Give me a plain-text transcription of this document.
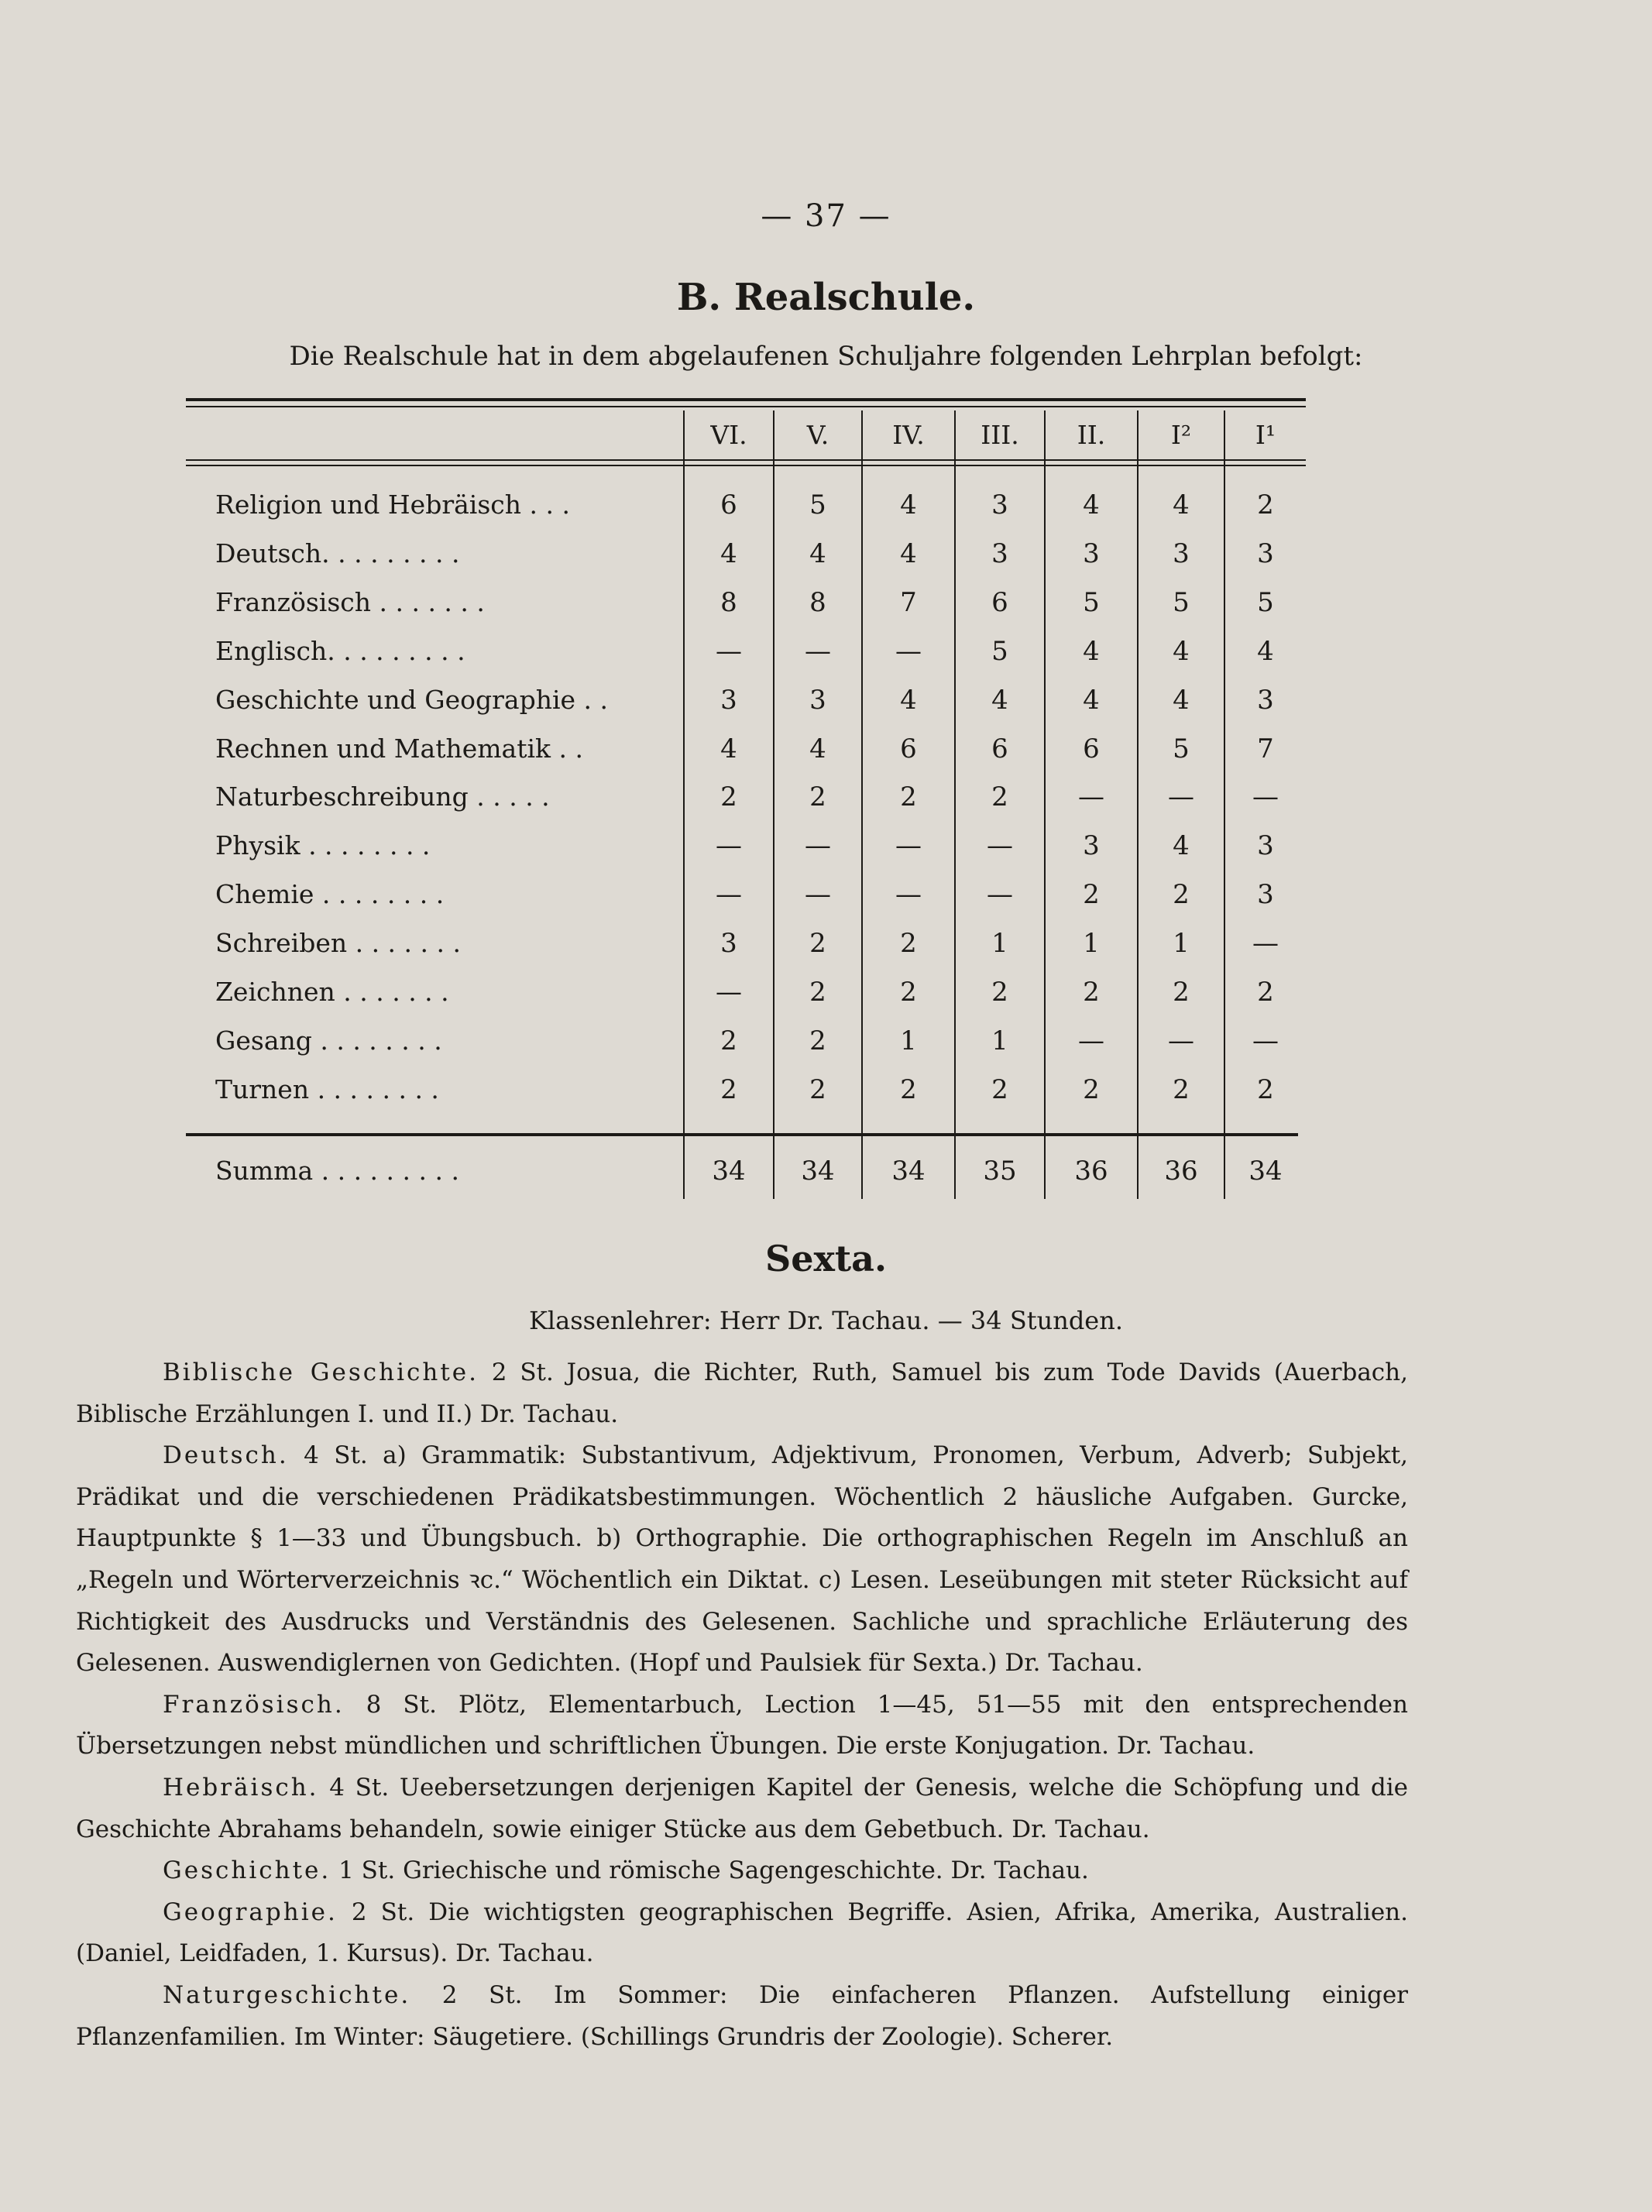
— 37 —
B. Realschule.
Die Realschule hat in dem abgelaufenen Schuljahre folgenden Lehrplan befolgt:
VI.	V.	IV.	III.	II.	I²	I¹
Religion und Hebräisch . . .	6	5	4	3	4	4	2
Deutsch. . . . . . . . .	4	4	4	3	3	3	3
Französisch . . . . . . .	8	8	7	6	5	5	5
Englisch. . . . . . . . .	—	—	—	5	4	4	4
Geschichte und Geographie . .	3	3	4	4	4	4	3
Rechnen und Mathematik . .	4	4	6	6	6	5	7
Naturbeschreibung . . . . .	2	2	2	2	—	—	—
Physik . . . . . . . .	—	—	—	—	3	4	3
Chemie . . . . . . . .	—	—	—	—	2	2	3
Schreiben . . . . . . .	3	2	2	1	1	1	—
Zeichnen . . . . . . .	—	2	2	2	2	2	2
Gesang . . . . . . . .	2	2	1	1	—	—	—
Turnen . . . . . . . .	2	2	2	2	2	2	2
Summa . . . . . . . . .	34	34	34	35	36	36	34
Sexta.
Klassenlehrer: Herr Dr. Tachau. — 34 Stunden.

Biblische Geschichte. 2 St. Josua, die Richter, Ruth, Samuel bis zum Tode Davids (Auerbach, Biblische Erzählungen I. und II.) Dr. Tachau.

Deutsch. 4 St. a) Grammatik: Substantivum, Adjektivum, Pronomen, Verbum, Adverb; Subjekt, Prädikat und die verschiedenen Prädikatsbestimmungen. Wöchentlich 2 häusliche Aufgaben. Gurcke, Hauptpunkte § 1—33 und Übungsbuch. b) Orthographie. Die orthographischen Regeln im Anschluß an „Regeln und Wörterverzeichnis ꝛc.“ Wöchentlich ein Diktat. c) Lesen. Leseübungen mit steter Rücksicht auf Richtigkeit des Ausdrucks und Verständnis des Gelesenen. Sachliche und sprachliche Erläuterung des Gelesenen. Auswendiglernen von Gedichten. (Hopf und Paulsiek für Sexta.) Dr. Tachau.

Französisch. 8 St. Plötz, Elementarbuch, Lection 1—45, 51—55 mit den entsprechenden Übersetzungen nebst mündlichen und schriftlichen Übungen. Die erste Konjugation. Dr. Tachau.

Hebräisch. 4 St. Ueebersetzungen derjenigen Kapitel der Genesis, welche die Schöpfung und die Geschichte Abrahams behandeln, sowie einiger Stücke aus dem Gebetbuch. Dr. Tachau.

Geschichte. 1 St. Griechische und römische Sagengeschichte. Dr. Tachau.

Geographie. 2 St. Die wichtigsten geographischen Begriffe. Asien, Afrika, Amerika, Australien. (Daniel, Leidfaden, 1. Kursus). Dr. Tachau.

Naturgeschichte. 2 St. Im Sommer: Die einfacheren Pflanzen. Aufstellung einiger Pflanzenfamilien. Im Winter: Säugetiere. (Schillings Grundris der Zoologie). Scherer.
